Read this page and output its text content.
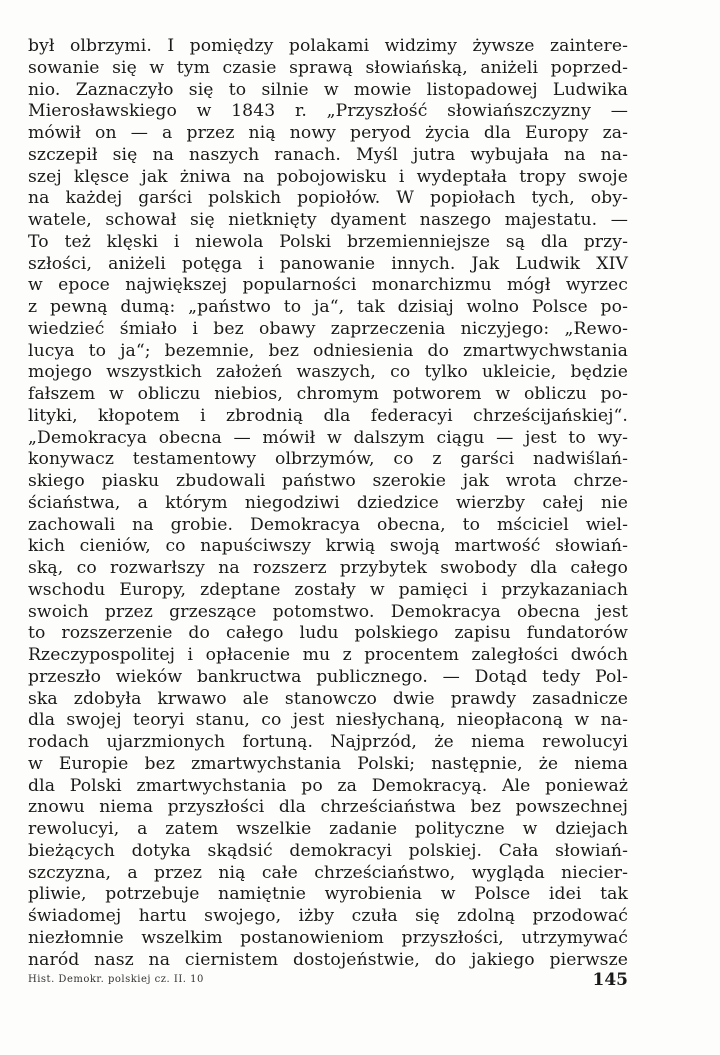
był olbrzymi. I pomiędzy polakami widzimy żywsze zaintere-
sowanie się w tym czasie sprawą słowiańską, aniżeli poprzed-
nio. Zaznaczyło się to silnie w mowie listopadowej Ludwika
Mierosławskiego w 1843 r. „Przyszłość słowiańszczyzny —
mówił on — a przez nią nowy peryod życia dla Europy za-
szczepił się na naszych ranach. Myśl jutra wybujała na na-
szej klęsce jak żniwa na pobojowisku i wydeptała tropy swoje
na każdej garści polskich popiołów. W popiołach tych, oby-
watele, schował się nietknięty dyament naszego majestatu. —
To też klęski i niewola Polski brzemienniejsze są dla przy-
szłości, aniżeli potęga i panowanie innych. Jak Ludwik XIV
w epoce największej popularności monarchizmu mógł wyrzec
z pewną dumą: „państwo to ja“, tak dzisiaj wolno Polsce po-
wiedzieć śmiało i bez obawy zaprzeczenia niczyjego: „Rewo-
lucya to ja“; bezemnie, bez odniesienia do zmartwychwstania
mojego wszystkich założeń waszych, co tylko ukleicie, będzie
fałszem w obliczu niebios, chromym potworem w obliczu po-
lityki, kłopotem i zbrodnią dla federacyi chrześcijańskiej“.
„Demokracya obecna — mówił w dalszym ciągu — jest to wy-
konywacz testamentowy olbrzymów, co z garści nadwiślań-
skiego piasku zbudowali państwo szerokie jak wrota chrze-
ściaństwa, a którym niegodziwi dziedzice wierzby całej nie
zachowali na grobie. Demokracya obecna, to mściciel wiel-
kich cieniów, co napuściwszy krwią swoją martwość słowiań-
ską, co rozwarłszy na rozszerz przybytek swobody dla całego
wschodu Europy, zdeptane zostały w pamięci i przykazaniach
swoich przez grzeszące potomstwo. Demokracya obecna jest
to rozszerzenie do całego ludu polskiego zapisu fundatorów
Rzeczypospolitej i opłacenie mu z procentem zaległości dwóch
przeszło wieków bankructwa publicznego. — Dotąd tedy Pol-
ska zdobyła krwawo ale stanowczo dwie prawdy zasadnicze
dla swojej teoryi stanu, co jest niesłychaną, nieopłaconą w na-
rodach ujarzmionych fortuną. Najprzód, że niema rewolucyi
w Europie bez zmartwychstania Polski; następnie, że niema
dla Polski zmartwychstania po za Demokracyą. Ale ponieważ
znowu niema przyszłości dla chrześciaństwa bez powszechnej
rewolucyi, a zatem wszelkie zadanie polityczne w dziejach
bieżących dotyka skądsić demokracyi polskiej. Cała słowiań-
szczyzna, a przez nią całe chrześciaństwo, wygląda niecier-
pliwie, potrzebuje namiętnie wyrobienia w Polsce idei tak
świadomej hartu swojego, iżby czuła się zdolną przodować
niezłomnie wszelkim postanowieniom przyszłości, utrzymywać
naród nasz na ciernistem dostojeństwie, do jakiego pierwsze
Hist. Demokr. polskiej cz. II. 10	145
